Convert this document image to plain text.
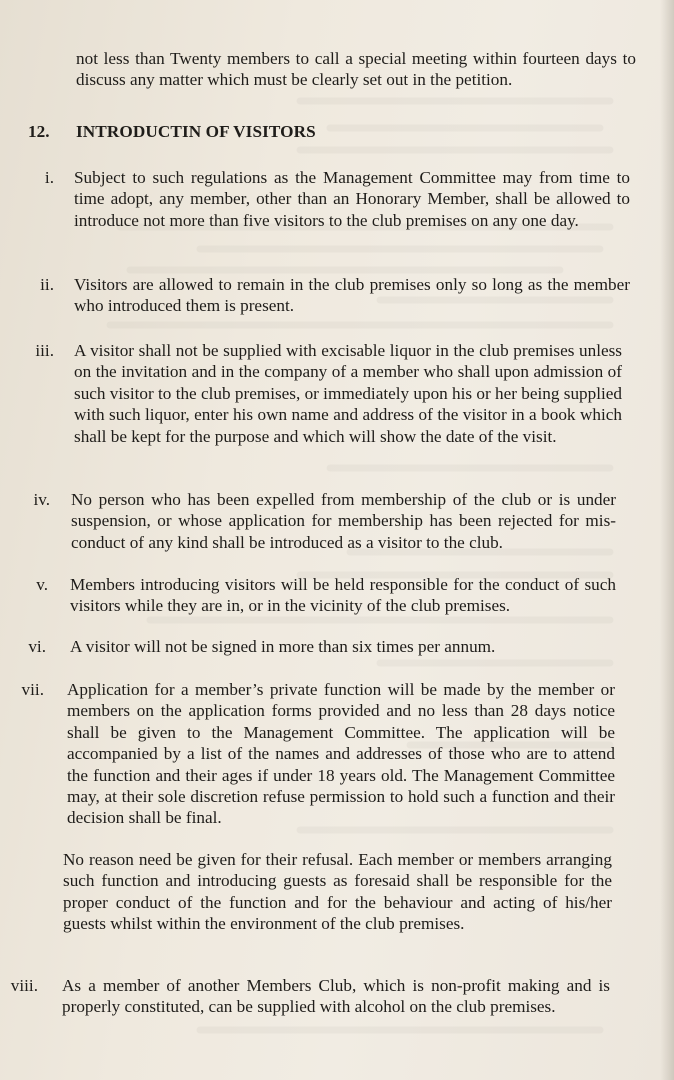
not less than Twenty members to call a special meeting within fourteen days to discuss any matter which must be clearly set out in the petition.

12. INTRODUCTIN OF VISITORS
i. Subject to such regulations as the Management Committee may from time to time adopt, any member, other than an Honorary Member, shall be allowed to introduce not more than five visitors to the club premises on any one day.

ii. Visitors are allowed to remain in the club premises only so long as the member who introduced them is present.

iii. A visitor shall not be supplied with excisable liquor in the club premises unless on the invitation and in the company of a member who shall upon admission of such visitor to the club premises, or immediately upon his or her being supplied with such liquor, enter his own name and address of the visitor in a book which shall be kept for the purpose and which will show the date of the visit.

iv. No person who has been expelled from membership of the club or is under suspension, or whose application for membership has been rejected for mis-conduct of any kind shall be introduced as a visitor to the club.

v. Members introducing visitors will be held responsible for the conduct of such visitors while they are in, or in the vicinity of the club premises.

vi. A visitor will not be signed in more than six times per annum.

vii. Application for a member’s private function will be made by the member or members on the application forms provided and no less than 28 days notice shall be given to the Management Committee. The application will be accompanied by a list of the names and addresses of those who are to attend the function and their ages if under 18 years old. The Management Committee may, at their sole discretion refuse permission to hold such a function and their decision shall be final.

No reason need be given for their refusal. Each member or members arranging such function and introducing guests as foresaid shall be responsible for the proper conduct of the function and for the behaviour and acting of his/her guests whilst within the environment of the club premises.

viii. As a member of another Members Club, which is non-profit making and is properly constituted, can be supplied with alcohol on the club premises.
